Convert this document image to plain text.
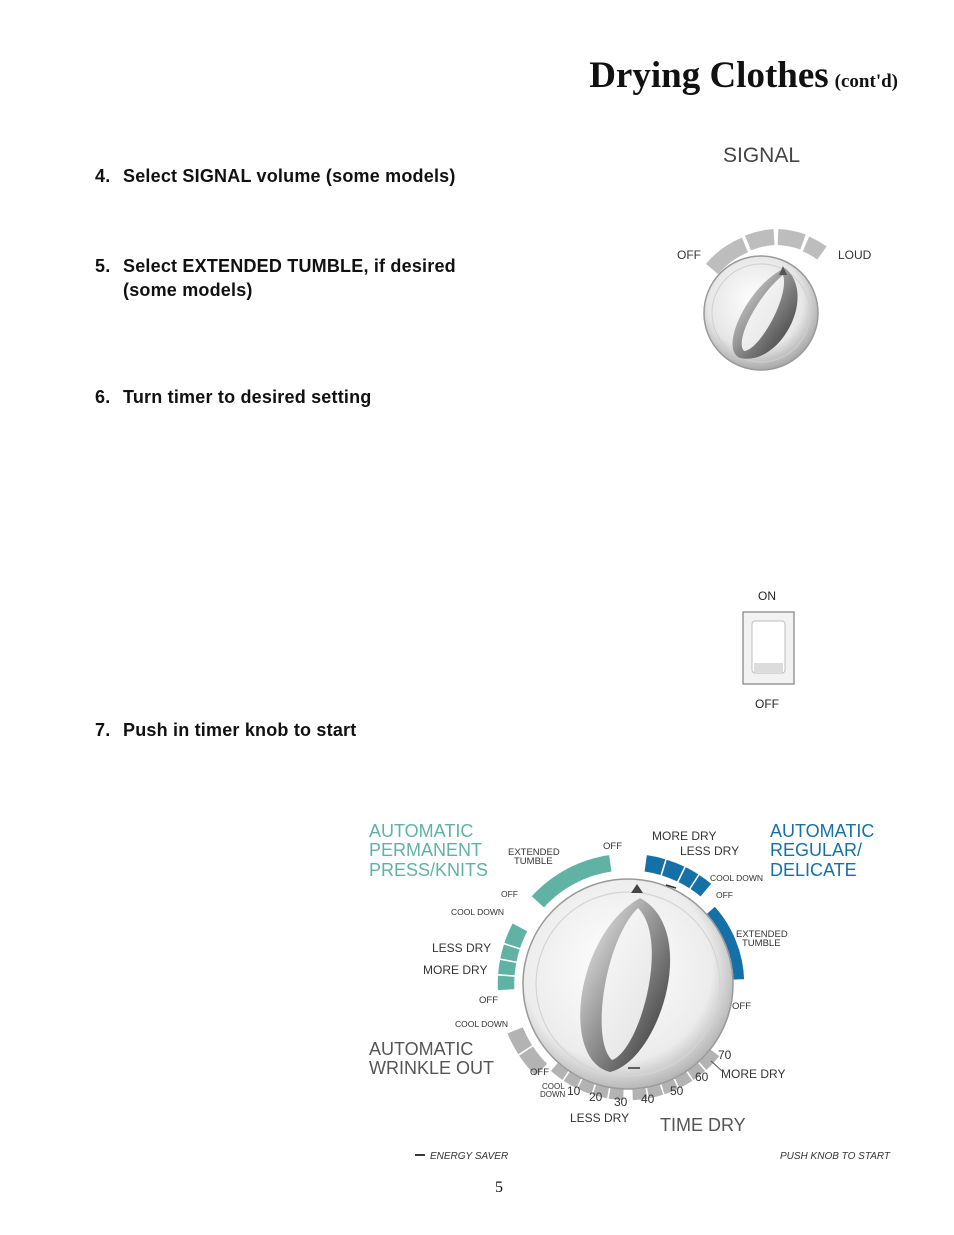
Drying Clothes (cont'd)
4. Select SIGNAL volume (some models)
5. Select EXTENDED TUMBLE, if desired
(some models)
6. Turn timer to desired setting
7. Push in timer knob to start
SIGNAL
OFF	LOUD
ON
OFF
AUTOMATIC
PERMANENT
PRESS/KNITS
AUTOMATIC
REGULAR/
DELICATE
AUTOMATIC
WRINKLE OUT
TIME DRY
EXTENDED
TUMBLE
OFF
OFF
COOL DOWN
OFF
COOL DOWN
OFF
COOL
DOWN
COOL DOWN
OFF
EXTENDED
TUMBLE
OFF
MORE DRY
LESS DRY
LESS DRY
MORE DRY
MORE DRY
LESS DRY
10 20 30 40
50
60
70
ENERGY SAVER	PUSH KNOB TO START
5
